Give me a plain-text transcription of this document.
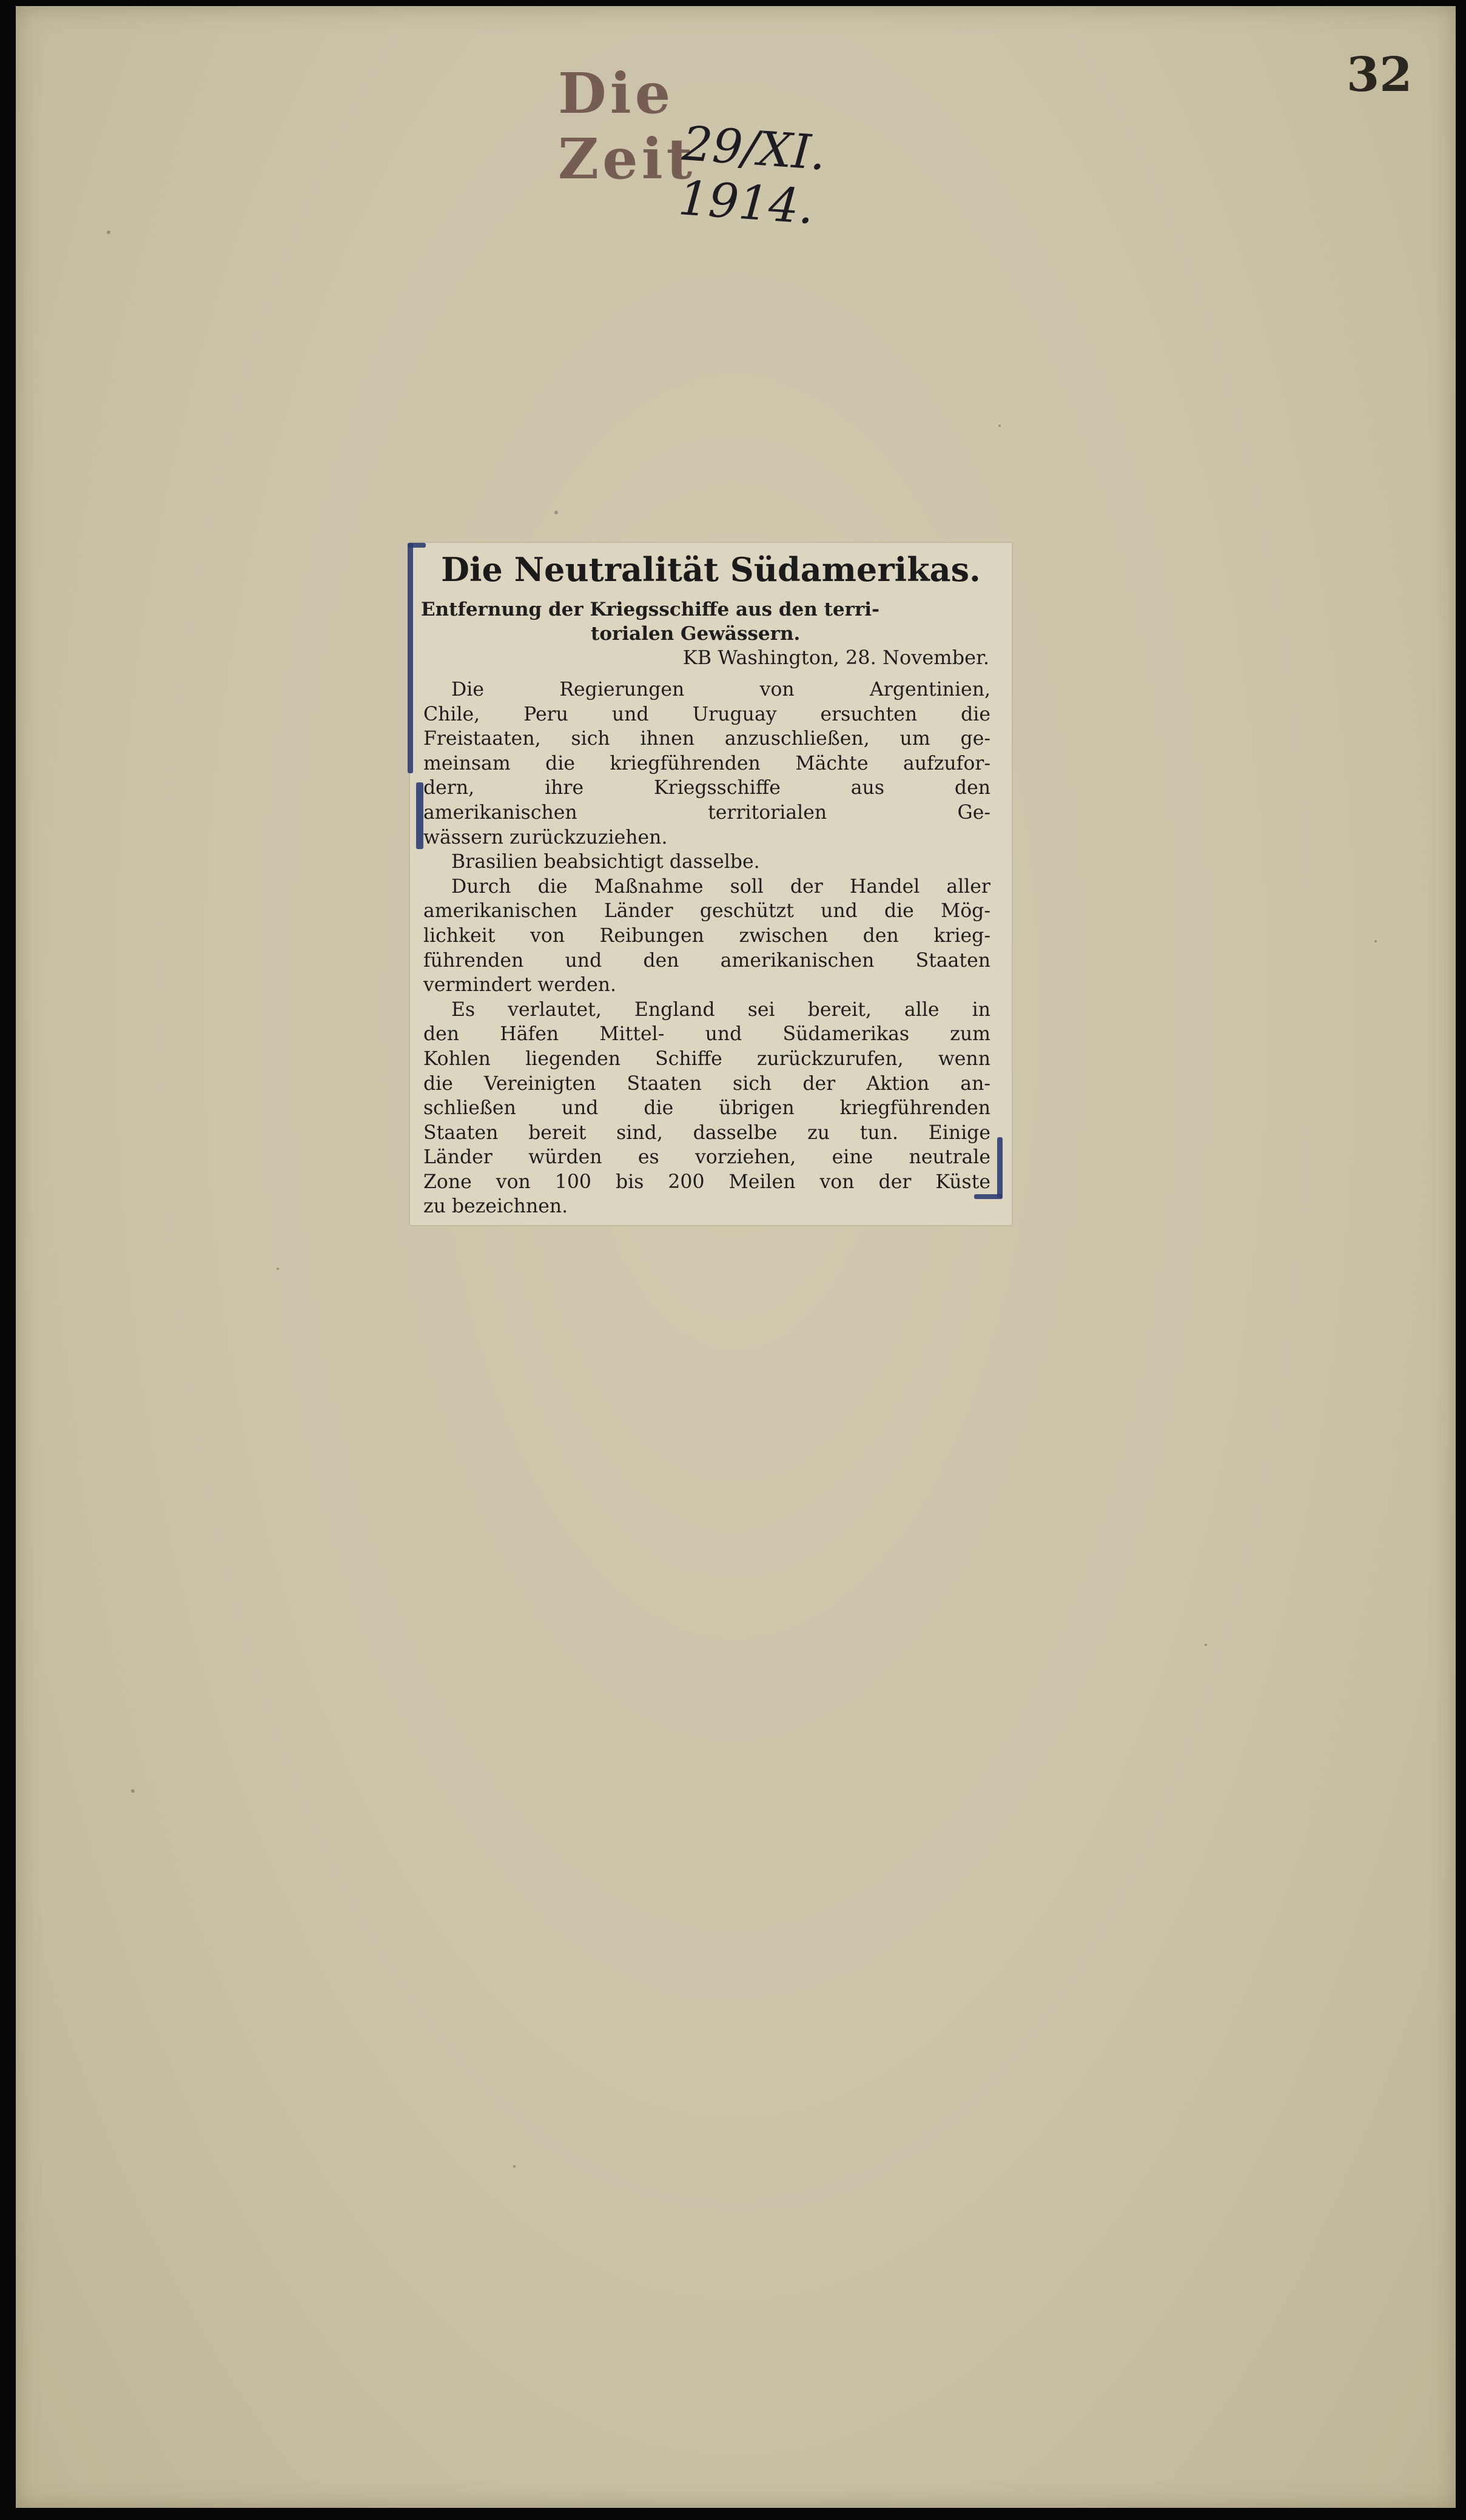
Die Zeit
29/XI. 1914.
32
Die Neutralität Südamerikas.
Entfernung der Kriegsschiffe aus den terri-
torialen Gewässern.
KB Washington, 28. November.
Die Regierungen von Argentinien,
Chile, Peru und Uruguay ersuchten die
Freistaaten, sich ihnen anzuschließen, um ge-
meinsam die kriegführenden Mächte aufzufor-
dern, ihre Kriegsschiffe aus den
amerikanischen territorialen Ge-
wässern zurückzuziehen.
Brasilien beabsichtigt dasselbe.
Durch die Maßnahme soll der Handel aller
amerikanischen Länder geschützt und die Mög-
lichkeit von Reibungen zwischen den krieg-
führenden und den amerikanischen Staaten
vermindert werden.
Es verlautet, England sei bereit, alle in
den Häfen Mittel- und Südamerikas zum
Kohlen liegenden Schiffe zurückzurufen, wenn
die Vereinigten Staaten sich der Aktion an-
schließen und die übrigen kriegführenden
Staaten bereit sind, dasselbe zu tun. Einige
Länder würden es vorziehen, eine neutrale
Zone von 100 bis 200 Meilen von der Küste
zu bezeichnen.
